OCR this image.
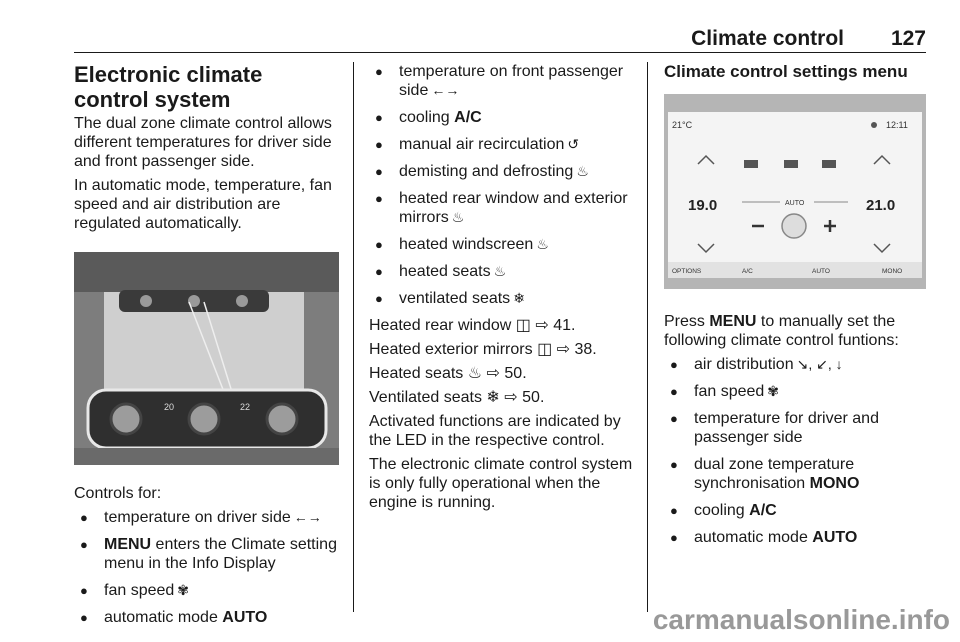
Climate control 127
Electronic climate control system

The dual zone climate control allows different temperatures for driver side and front passenger side.

In automatic mode, temperature, fan speed and air distribution are regulated automatically.

20	22

Controls for:

● temperature on driver side ←→
● MENU enters the Climate setting menu in the Info Display
● fan speed ✾
● automatic mode AUTO
● temperature on front passenger side ←→
● cooling A/C
● manual air recirculation ↺
● demisting and defrosting ♨
● heated rear window and exterior mirrors ♨
● heated windscreen ♨
● heated seats ♨
● ventilated seats ❄

Heated rear window ◫ ⇨ 41.

Heated exterior mirrors ◫ ⇨ 38.

Heated seats ♨ ⇨ 50.

Ventilated seats ❄ ⇨ 50.

Activated functions are indicated by the LED in the respective control.

The electronic climate control system is only fully operational when the engine is running.

Climate control settings menu
21°C	12:11
19.0	21.0
AUTO
OPTIONS	A/C	AUTO	MONO

Press MENU to manually set the following climate control funtions:

● air distribution ↘, ↙, ↓
● fan speed ✾
● temperature for driver and passenger side
● dual zone temperature synchronisation MONO
● cooling A/C
● automatic mode AUTO
carmanualsonline.info
